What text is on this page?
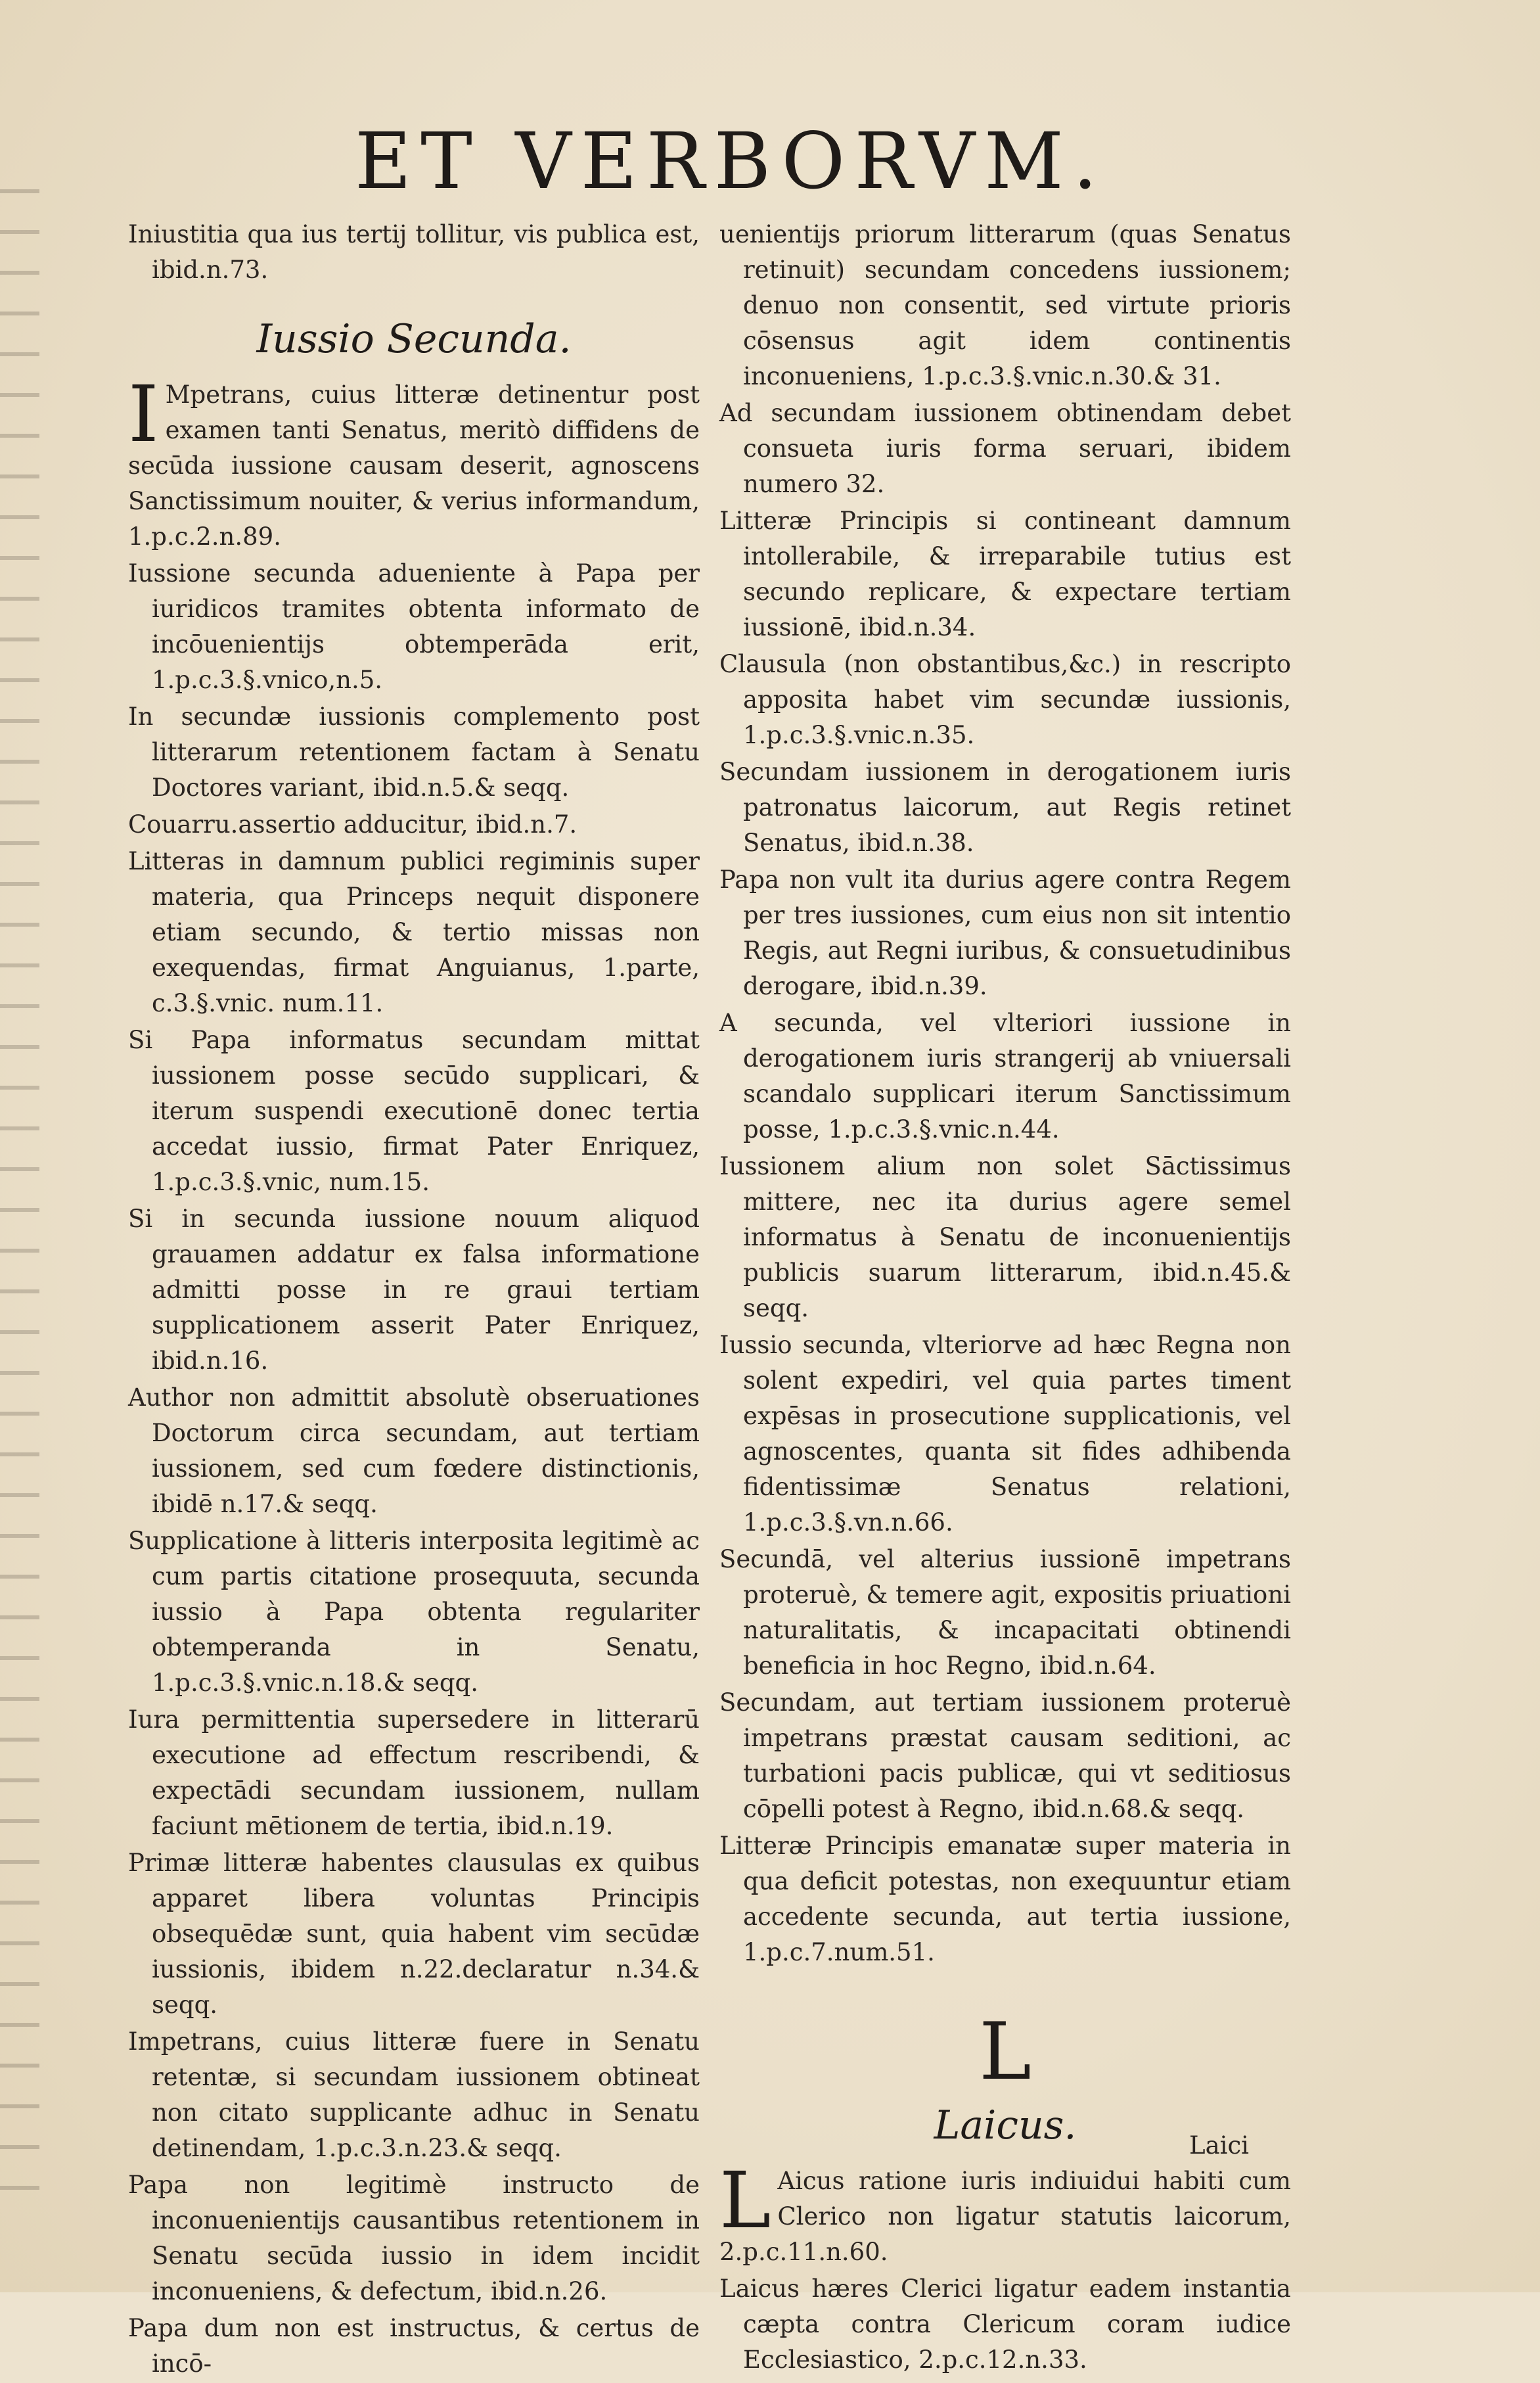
ET VERBORVM.

Iniustitia qua ius tertij tollitur, vis publica est, ibid.n.73.

Iussio Secunda.

I Mpetrans, cuius litteræ detinentur post examen tanti Senatus, meritò diffidens de secūda iussione causam deserit, agnoscens Sanctissimum nouiter, & verius informandum, 1.p.c.2.n.89.

Iussione secunda adueniente à Papa per iuridicos tramites obtenta informato de incōuenientijs obtemperāda erit, 1.p.c.3.§.vnico,n.5.

In secundæ iussionis complemento post litterarum retentionem factam à Senatu Doctores variant, ibid.n.5.& seqq.

Couarru.assertio adducitur, ibid.n.7.

Litteras in damnum publici regiminis super materia, qua Princeps nequit disponere etiam secundo, & tertio missas non exequendas, firmat Anguianus, 1.parte, c.3.§.vnic. num.11.

Si Papa informatus secundam mittat iussionem posse secūdo supplicari, & iterum suspendi executionē donec tertia accedat iussio, firmat Pater Enriquez, 1.p.c.3.§.vnic, num.15.

Si in secunda iussione nouum aliquod grauamen addatur ex falsa informatione admitti posse in re graui tertiam supplicationem asserit Pater Enriquez, ibid.n.16.

Author non admittit absolutè obseruationes Doctorum circa secundam, aut tertiam iussionem, sed cum fœdere distinctionis, ibidē n.17.& seqq.

Supplicatione à litteris interposita legitimè ac cum partis citatione prosequuta, secunda iussio à Papa obtenta regulariter obtemperanda in Senatu, 1.p.c.3.§.vnic.n.18.& seqq.

Iura permittentia supersedere in litterarū executione ad effectum rescribendi, & expectādi secundam iussionem, nullam faciunt mētionem de tertia, ibid.n.19.

Primæ litteræ habentes clausulas ex quibus apparet libera voluntas Principis obsequēdæ sunt, quia habent vim secūdæ iussionis, ibidem n.22.declaratur n.34.& seqq.

Impetrans, cuius litteræ fuere in Senatu retentæ, si secundam iussionem obtineat non citato supplicante adhuc in Senatu detinendam, 1.p.c.3.n.23.& seqq.

Papa non legitimè instructo de inconuenientijs causantibus retentionem in Senatu secūda iussio in idem incidit inconueniens, & defectum, ibid.n.26.

Papa dum non est instructus, & certus de incō-

uenientijs priorum litterarum (quas Senatus retinuit) secundam concedens iussionem; denuo non consentit, sed virtute prioris cōsensus agit idem continentis inconueniens, 1.p.c.3.§.vnic.n.30.& 31.

Ad secundam iussionem obtinendam debet consueta iuris forma seruari, ibidem numero 32.

Litteræ Principis si contineant damnum intollerabile, & irreparabile tutius est secundo replicare, & expectare tertiam iussionē, ibid.n.34.

Clausula (non obstantibus,&c.) in rescripto apposita habet vim secundæ iussionis, 1.p.c.3.§.vnic.n.35.

Secundam iussionem in derogationem iuris patronatus laicorum, aut Regis retinet Senatus, ibid.n.38.

Papa non vult ita durius agere contra Regem per tres iussiones, cum eius non sit intentio Regis, aut Regni iuribus, & consuetudinibus derogare, ibid.n.39.

A secunda, vel vlteriori iussione in derogationem iuris strangerij ab vniuersali scandalo supplicari iterum Sanctissimum posse, 1.p.c.3.§.vnic.n.44.

Iussionem alium non solet Sāctissimus mittere, nec ita durius agere semel informatus à Senatu de inconuenientijs publicis suarum litterarum, ibid.n.45.& seqq.

Iussio secunda, vlteriorve ad hæc Regna non solent expediri, vel quia partes timent expēsas in prosecutione supplicationis, vel agnoscentes, quanta sit fides adhibenda fidentissimæ Senatus relationi, 1.p.c.3.§.vn.n.66.

Secundā, vel alterius iussionē impetrans proteruè, & temere agit, expositis priuationi naturalitatis, & incapacitati obtinendi beneficia in hoc Regno, ibid.n.64.

Secundam, aut tertiam iussionem proteruè impetrans præstat causam seditioni, ac turbationi pacis publicæ, qui vt seditiosus cōpelli potest à Regno, ibid.n.68.& seqq.

Litteræ Principis emanatæ super materia in qua deficit potestas, non exequuntur etiam accedente secunda, aut tertia iussione, 1.p.c.7.num.51.

L
Laicus.

L Aicus ratione iuris indiuidui habiti cum Clerico non ligatur statutis laicorum, 2.p.c.11.n.60.

Laicus hæres Clerici ligatur eadem instantia cæpta contra Clericum coram iudice Ecclesiastico, 2.p.c.12.n.33.

Laici
